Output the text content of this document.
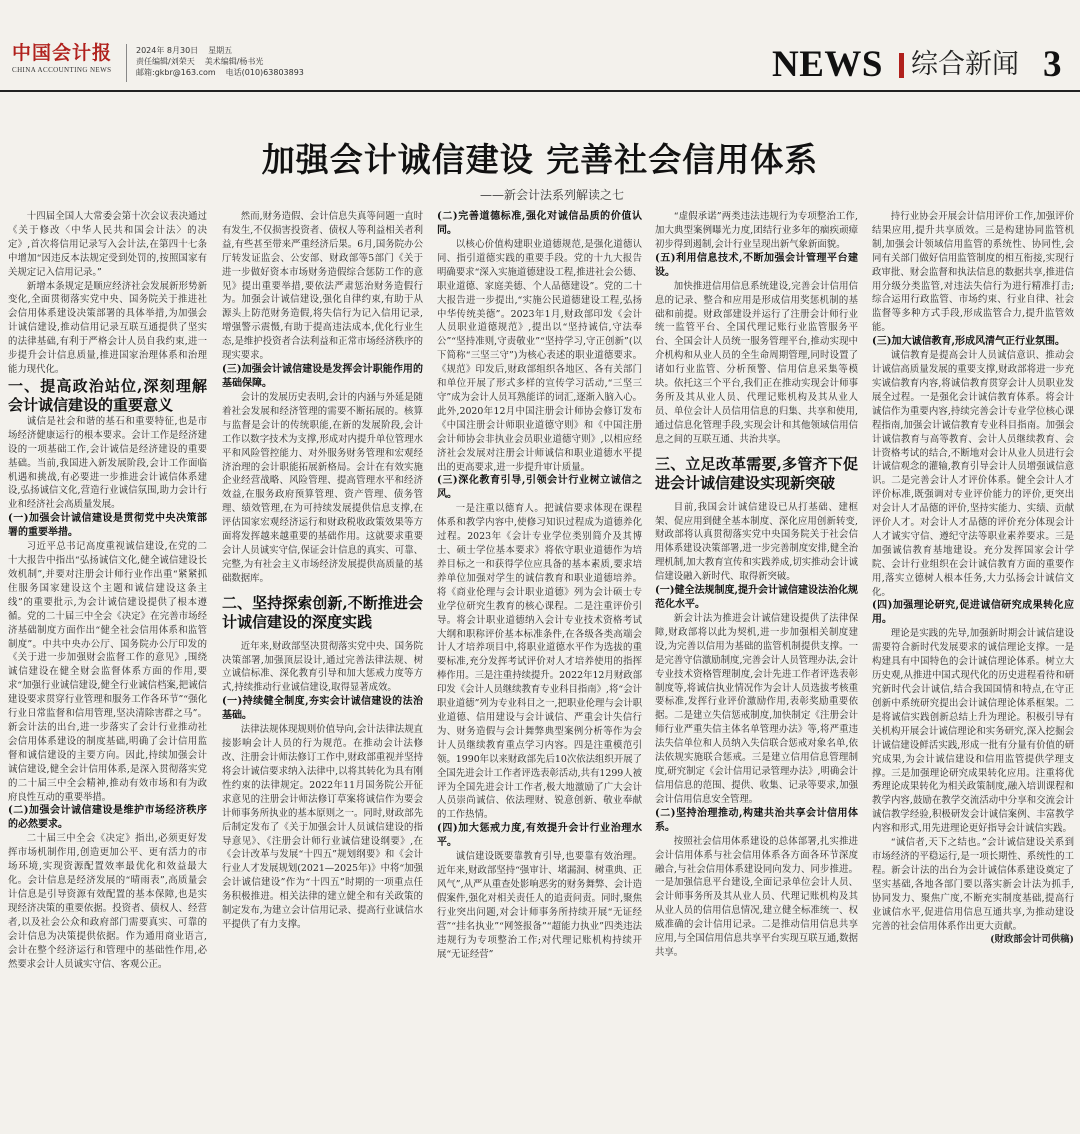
中国会计报
CHINA ACCOUNTING NEWS
2024年 8月30日 星期五
责任编辑/刘荣天 美术编辑/杨书光
邮箱:gkbr@163.com 电话(010)63803893	NEWS 综合新闻 3
加强会计诚信建设 完善社会信用体系
——新会计法系列解读之七
十四届全国人大常委会第十次会议表决通过《关于修改〈中华人民共和国会计法〉的决定》,首次将信用记录写入会计法,在第四十七条中增加“因违反本法规定受到处罚的,按照国家有关规定记入信用记录。”
新增本条规定是顺应经济社会发展新形势新变化,全面贯彻落实党中央、国务院关于推进社会信用体系建设决策部署的具体举措,为加强会计诚信建设,推动信用记录互联互通提供了坚实的法律基础,有利于严格会计人员自我约束,进一步提升会计信息质量,推进国家治理体系和治理能力现代化。
一、提高政治站位,深刻理解会计诚信建设的重要意义
诚信是社会和谐的基石和重要特征,也是市场经济健康运行的根本要求。会计工作是经济建设的一项基础工作,会计诚信是经济建设的重要基础。当前,我国进入新发展阶段,会计工作面临机遇和挑战,有必要进一步推进会计诚信体系建设,弘扬诚信文化,营造行业诚信氛围,助力会计行业和经济社会高质量发展。
(一)加强会计诚信建设是贯彻党中央决策部署的重要举措。
习近平总书记高度重视诚信建设,在党的二十大报告中指出“弘扬诚信文化,健全诚信建设长效机制”,并要对注册会计师行业作出重“紧紧抓住服务国家建设这个主题和诚信建设这条主线”的重要批示,为会计诚信建设提供了根本遵循。党的二十届三中全会《决定》在完善市场经济基础制度方面作出“健全社会信用体系和监管制度”。中共中央办公厅、国务院办公厅印发的《关于进一步加强财会监督工作的意见》,围绕诚信建设在健全财会监督体系方面的作用,要求“加强行业诚信建设,健全行业诚信档案,把诚信建设要求贯穿行业管理和服务工作各环节”“强化行业日常监督和信用管理,坚决清除害群之马”。新会计法的出台,进一步落实了会计行业推动社会信用体系建设的制度基础,明确了会计信用监督和诚信建设的主要方向。因此,持续加强会计诚信建设,健全会计信用体系,是深入贯彻落实党的二十届三中全会精神,推动有效市场和有为政府良性互动的重要举措。
(二)加强会计诚信建设是维护市场经济秩序的必然要求。
二十届三中全会《决定》指出,必须更好发挥市场机制作用,创造更加公平、更有活力的市场环境,实现资源配置效率最优化和效益最大化。会计信息是经济发展的“晴雨表”,高质量会计信息是引导资源有效配置的基本保障,也是实现经济决策的重要依据。投资者、债权人、经营者,以及社会公众和政府部门需要真实、可靠的会计信息为决策提供依据。作为通用商业语言,会计在整个经济运行和管理中的基础性作用,必然要求会计人员诚实守信、客观公正。
然而,财务造假、会计信息失真等问题一直时有发生,不仅损害投资者、债权人等利益相关者利益,有些甚至带来严重经济后果。6月,国务院办公厅转发证监会、公安部、财政部等5部门《关于进一步做好资本市场财务造假综合惩防工作的意见》提出重要举措,要依法严肃惩治财务造假行为。加强会计诚信建设,强化自律约束,有助于从源头上防范财务造假,将失信行为记入信用记录,增强警示震慑,有助于提高违法成本,优化行业生态,是维护投资者合法利益和正常市场经济秩序的现实要求。
(三)加强会计诚信建设是发挥会计职能作用的基础保障。
会计的发展历史表明,会计的内涵与外延是随着社会发展和经济管理的需要不断拓展的。核算与监督是会计的传统职能,在新的发展阶段,会计工作以数字技术为支撑,形成对内提升单位管理水平和风险管控能力、对外服务财务管理和宏观经济治理的会计职能拓展新格局。会计在有效实施企业经营战略、风险管理、提高管理水平和经济效益,在服务政府预算管理、资产管理、债务管理、绩效管理,在为可持续发展提供信息支撑,在评估国家宏观经济运行和财政税收政策效果等方面将发挥越来越重要的基础作用。这就要求重要会计人员诚实守信,保证会计信息的真实、可靠、完整,为有社会主义市场经济发展提供高质量的基础数据库。
二、坚持探索创新,不断推进会计诚信建设的深度实践
近年来,财政部坚决贯彻落实党中央、国务院决策部署,加强顶层设计,通过完善法律法规、树立诚信标准、深化教育引导和加大惩戒力度等方式,持续推动行业诚信建设,取得显著成效。
(一)持续健全制度,夯实会计诚信建设的法治基础。
法律法规体现规则价值导向,会计法律法规直接影响会计人员的行为规范。在推动会计法修改、注册会计师法修订工作中,财政部重视并坚持将会计诚信要求纳入法律中,以将其转化为具有刚性约束的法律规定。2022年11月国务院公开征求意见的注册会计师法修订草案将诚信作为要会计师事务所执业的基本原则之一。同时,财政部先后制定发布了《关于加强会计人员诚信建设的指导意见》、《注册会计师行业诚信建设纲要》,在《会计改革与发展“十四五”规划纲要》和《会计行业人才发展规划(2021—2025年)》中将“加强会计诚信建设”作为“十四五”时期的一项重点任务积极推进。相关法律的建立健全和有关政策的制定发布,为建立会计信用记录、提高行业诚信水平提供了有力支撑。
(二)完善道德标准,强化对诚信品质的价值认同。
以核心价值构建职业道德规范,是强化道德认同、指引道德实践的重要手段。党的十九大报告明确要求“深入实施道德建设工程,推进社会公德、职业道德、家庭美德、个人品德建设”。党的二十大报告进一步提出,“实施公民道德建设工程,弘扬中华传统美德”。2023年1月,财政部印发《会计人员职业道德规范》,提出以“坚持诚信,守法奉公”“坚持准则,守责敬业”“坚持学习,守正创新”(以下简称“三坚三守”)为核心表述的职业道德要求。《规范》印发后,财政部组织各地区、各有关部门和单位开展了形式多样的宣传学习活动,“三坚三守”成为会计人员耳熟能详的词汇,逐渐入脑入心。此外,2020年12月中国注册会计师协会修订发布《中国注册会计师职业道德守则》和《中国注册会计师协会非执业会员职业道德守则》,以相应经济社会发展对注册会计师诚信和职业道德水平提出的更高要求,进一步提升审计质量。
(三)深化教育引导,引领会计行业树立诚信之风。
一是注重以德育人。把诚信要求体现在课程体系和教学内容中,使修习知识过程成为道德养化过程。2023年《会计专业学位类别简介及其博士、硕士学位基本要求》将依守职业道德作为培养目标之一和获得学位应具备的基本素质,要求培养单位加强对学生的诚信教育和职业道德培养。将《商业伦理与会计职业道德》列为会计硕士专业学位研究生教育的核心课程。二是注重评价引导。将会计职业道德纳入会计专业技术资格考试大纲和职称评价基本标准条件,在各级各类高端会计人才培养项目中,将职业道德水平作为选拔的重要标准,充分发挥考试评价对人才培养使用的指挥棒作用。三是注重持续提升。2022年12月财政部印发《会计人员继续教育专业科目指南》,将“会计职业道德”列为专业科目之一,把职业伦理与会计职业道德、信用建设与会计诚信、严重会计失信行为、财务造假与会计舞弊典型案例分析等作为会计人员继续教育重点学习内容。四是注重模范引领。1990年以来财政部先后10次依法组织开展了全国先进会计工作者评选表彰活动,共有1299人被评为全国先进会计工作者,极大地激励了广大会计人员崇尚诚信、依法理财、锐意创新、敬业奉献的工作热情。
(四)加大惩戒力度,有效提升会计行业治理水平。
诚信建设既要靠教育引导,也要靠有效治理。近年来,财政部坚持“强审计、堵漏洞、树重典、正风气”,从严从重查处影响恶劣的财务舞弊、会计造假案件,强化对相关责任人的追责问责。同时,聚焦行业突出问题,对会计师事务所持续开展“无证经营”“挂名执业”“网签报备”“超能力执业”四类违法违规行为专项整治工作;对代理记账机构持续开展“无证经营”
“虚假承诺”两类违法违规行为专项整治工作,加大典型案例曝光力度,团结行业多年的痼疾顽瘴初步得到遏制,会计行业呈现出新气象新面貌。
(五)利用信息技术,不断加强会计管理平台建设。
加快推进信用信息系统建设,完善会计信用信息的记录、整合和应用是形成信用奖惩机制的基础和前提。财政部建设并运行了注册会计师行业统一监管平台、全国代理记账行业监管服务平台、全国会计人员统一服务管理平台,推动实现中介机构和从业人员的全生命周期管理,同时设置了诸如行业监管、分析预警、信用信息采集等模块。依托这三个平台,我们正在推动实现会计师事务所及其从业人员、代理记账机构及其从业人员、单位会计人员信用信息的归集、共享和使用,通过信息化管理手段,实现会计和其他领域信用信息之间的互联互通、共治共享。
三、立足改革需要,多管齐下促进会计诚信建设实现新突破
目前,我国会计诚信建设已从打基础、建框架、促应用到健全基本制度、深化应用创新转变,财政部将认真贯彻落实党中央国务院关于社会信用体系建设决策部署,进一步完善制度安排,健全治理机制,加大教育宣传和实践养成,切实推动会计诚信建设融入新时代、取得新突破。
(一)健全法规制度,提升会计诚信建设法治化规范化水平。
新会计法为推进会计诚信建设提供了法律保障,财政部将以此为契机,进一步加强相关制度建设,为完善以信用为基础的监管机制提供支撑。一是完善守信激励制度,完善会计人员管理办法,会计专业技术资格管理制度,会计先进工作者评选表彰制度等,将诚信执业情况作为会计人员选拔考核重要标准,发挥行业评价激励作用,表彰奖励重要依据。二是建立失信惩戒制度,加快制定《注册会计师行业严重失信主体名单管理办法》等,将严重违法失信单位和人员纳入失信联合惩戒对象名单,依法依规实施联合惩戒。三是建立信用信息管理制度,研究制定《会计信用记录管理办法》,明确会计信用信息的范围、提供、收集、记录等要求,加强会计信用信息安全管理。
(二)坚持治理推动,构建共治共享会计信用体系。
按照社会信用体系建设的总体部署,扎实推进会计信用体系与社会信用体系各方面各环节深度融合,与社会信用体系建设同向发力、同步推进。一是加强信息平台建设,全面记录单位会计人员、会计师事务所及其从业人员、代理记账机构及其从业人员的信用信息情况,建立健全标准统一、权威准确的会计信用记录。二是推动信用信息共享应用,与全国信用信息共享平台实现互联互通,数据共享。
持行业协会开展会计信用评价工作,加强评价结果应用,提升共享质效。三是构建协同监管机制,加强会计领域信用监管的系统性、协同性,会同有关部门做好信用监管制度的相互衔接,实现行政审批、财会监督和执法信息的数据共享,推进信用分级分类监管,对违法失信行为进行精准打击;综合运用行政监管、市场约束、行业自律、社会监督等多种方式手段,形成监管合力,提升监管效能。
(三)加大诚信教育,形成风清气正行业氛围。
诚信教育是提高会计人员诚信意识、推动会计诚信高质量发展的重要支撑,财政部将进一步充实诚信教育内容,将诚信教育贯穿会计人员职业发展全过程。一是强化会计诚信教育体系。将会计诚信作为重要内容,持续完善会计专业学位核心课程指南,加强会计诚信教育专业科目指南。加强会计诚信教育与高等教育、会计人员继续教育、会计资格考试的结合,不断地对会计从业人员进行会计诚信观念的灌输,教育引导会计人员增强诚信意识。二是完善会计人才评价体系。健全会计人才评价标准,既强调对专业评价能力的评价,更突出对会计人才品德的评价,坚持实能力、实绩、贡献评价人才。对会计人才品德的评价充分体现会计人才诚实守信、遵纪守法等职业素养要求。三是加强诚信教育基地建设。充分发挥国家会计学院、会计行业组织在会计诚信教育方面的重要作用,落实立德树人根本任务,大力弘扬会计诚信文化。
(四)加强理论研究,促进诚信研究成果转化应用。
理论是实践的先导,加强新时期会计诚信建设需要符合新时代发展要求的诚信理论支撑。一是构建具有中国特色的会计诚信理论体系。树立大历史观,从推进中国式现代化的历史进程看待和研究新时代会计诚信,结合我国国情和特点,在守正创新中系统研究提出会计诚信理论体系框架。二是将诚信实践创新总结上升为理论。积极引导有关机构开展会计诚信理论和实务研究,深入挖掘会计诚信建设鲜活实践,形成一批有分量有价值的研究成果,为会计诚信建设和信用监管提供学理支撑。三是加强理论研究成果转化应用。注重将优秀理论成果转化为相关政策制度,融入培训课程和教学内容,鼓励在教学交流活动中分享和交流会计诚信教学经验,积极研发会计诚信案例、丰富教学内容和形式,用先进理论更好指导会计诚信实践。
“诚信者,天下之结也。”会计诚信建设关系到市场经济的平稳运行,是一项长期性、系统性的工程。新会计法的出台为会计诚信体系建设奠定了坚实基础,各地各部门要以落实新会计法为抓手,协同发力、聚焦广度,不断充实制度基础,提高行业诚信水平,促进信用信息互通共享,为推动建设完善的社会信用体系作出更大贡献。
(财政部会计司供稿)
